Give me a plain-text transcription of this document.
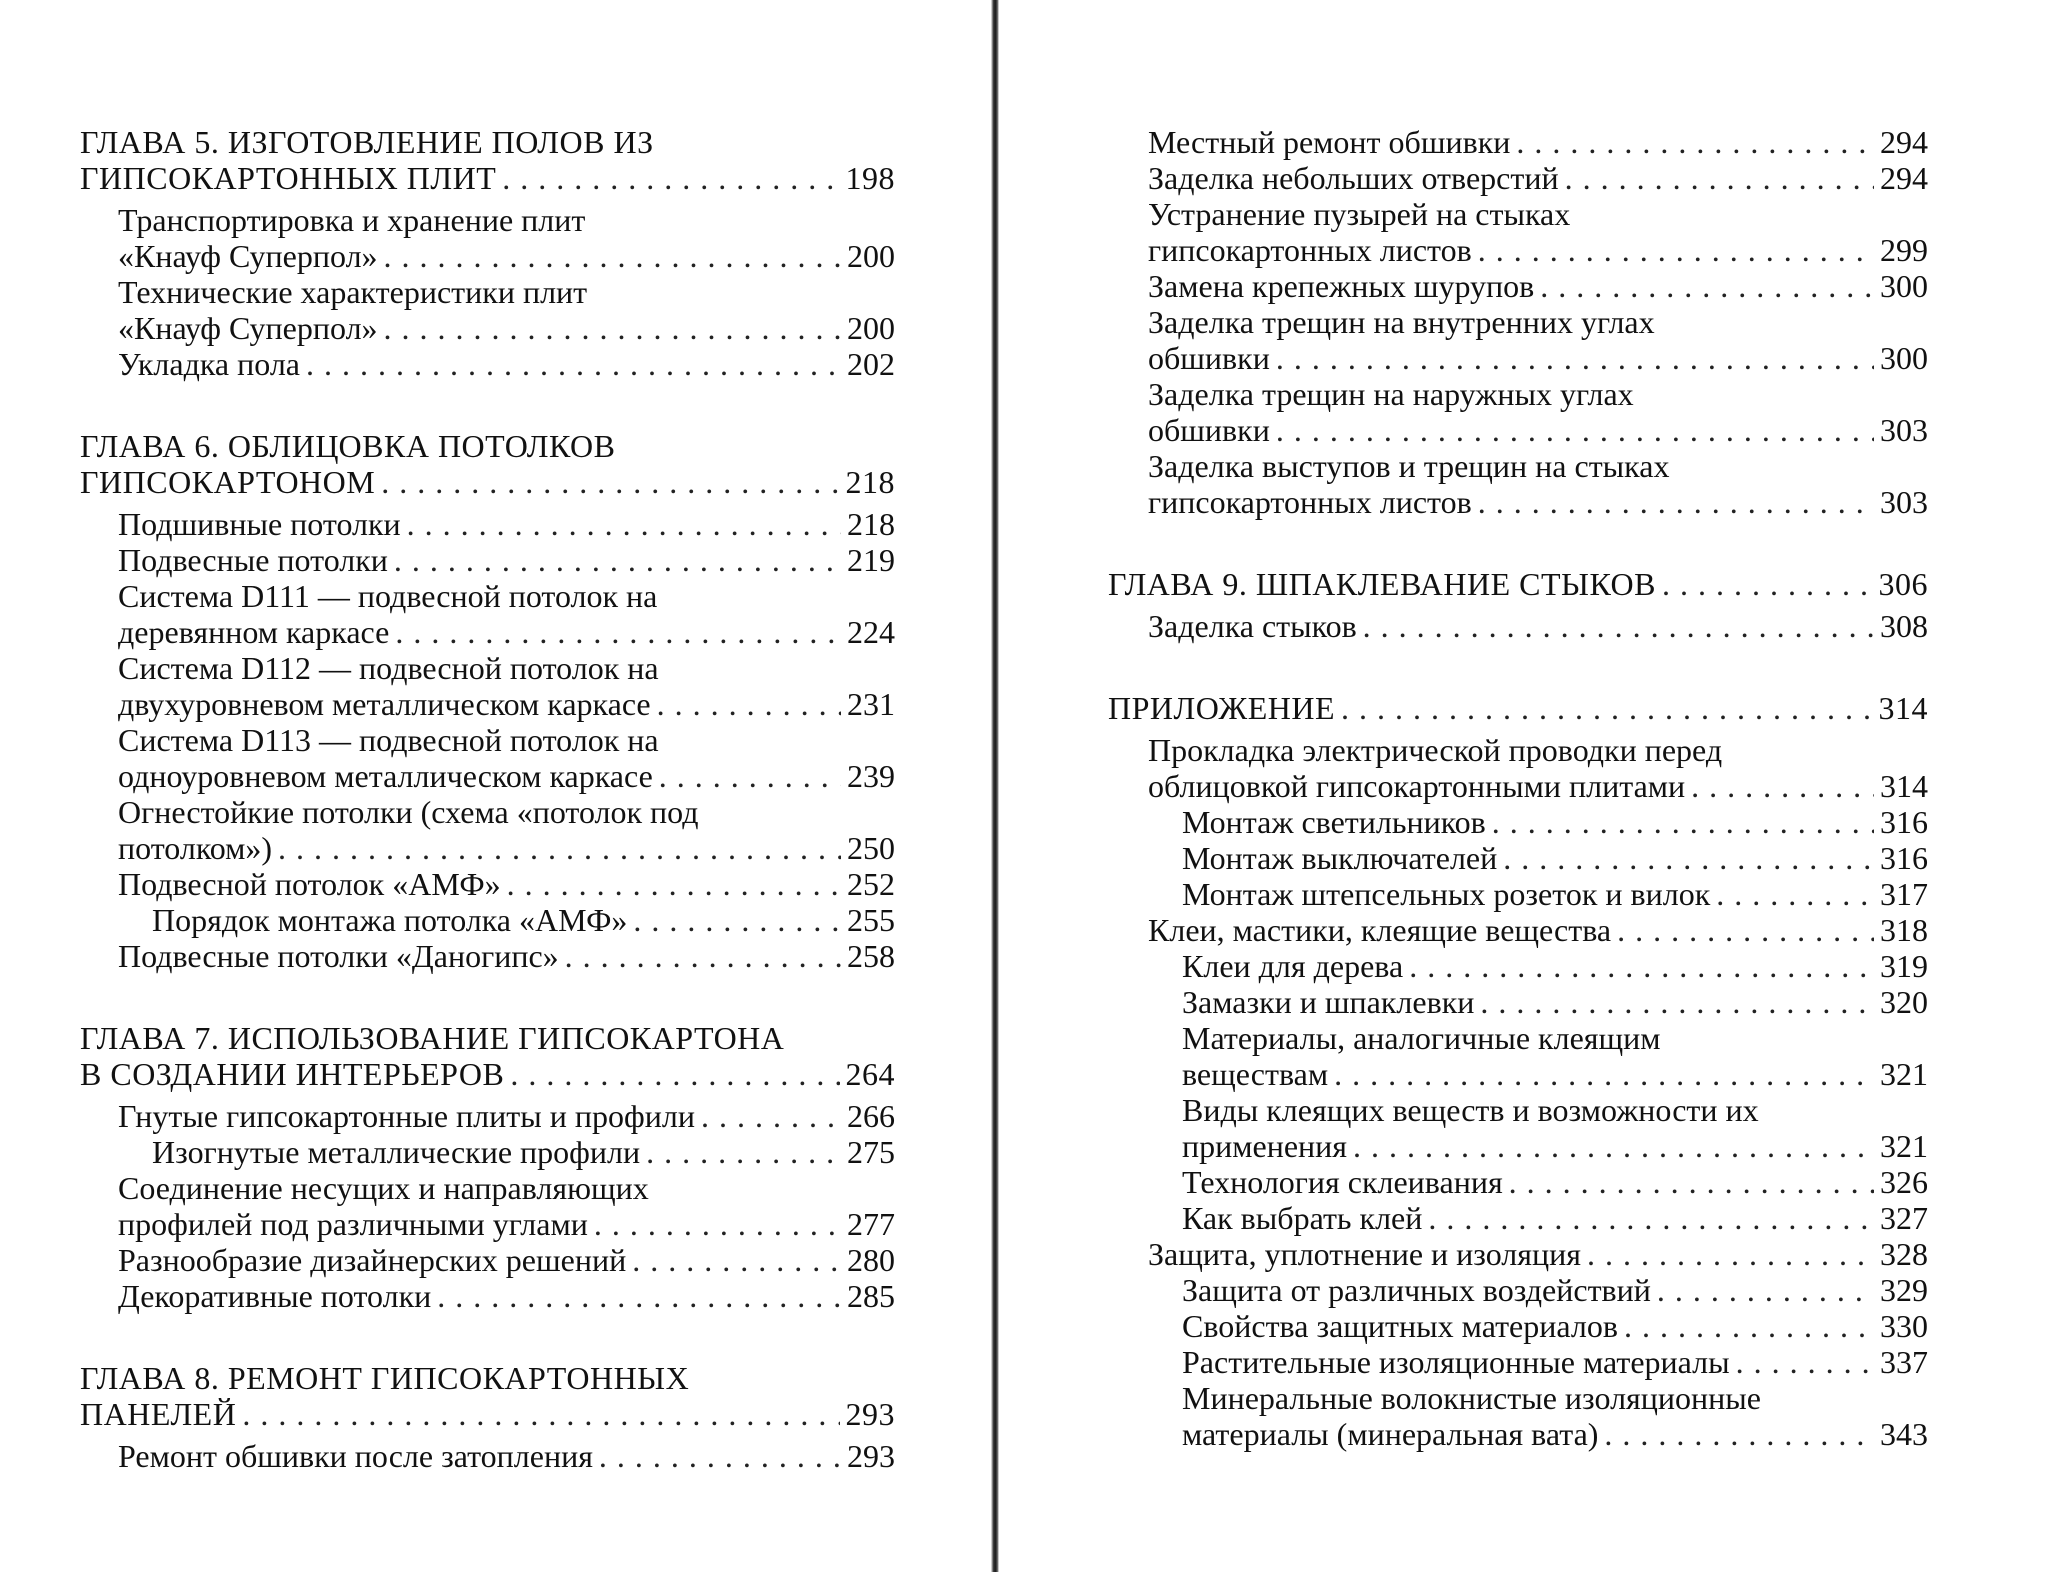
ГЛАВА 5. ИЗГОТОВЛЕНИЕ ПОЛОВ ИЗ
ГИПСОКАРТОННЫХ ПЛИТ . . .	198
Транспортировка и хранение плит
«Кнауф Суперпол» . . .	200
Технические характеристики плит
«Кнауф Суперпол» . . .	200
Укладка пола . . .	202
ГЛАВА 6. ОБЛИЦОВКА ПОТОЛКОВ
ГИПСОКАРТОНОМ . . .	218
Подшивные потолки . . .	218
Подвесные потолки . . .	219
Система D111 — подвесной потолок на
деревянном каркасе . . .	224
Система D112 — подвесной потолок на
двухуровневом металлическом каркасе . . .	231
Система D113 — подвесной потолок на
одноуровневом металлическом каркасе . . .	239
Огнестойкие потолки (схема «потолок под
потолком») . . .	250
Подвесной потолок «АМФ» . . .	252
Порядок монтажа потолка «АМФ» . . .	255
Подвесные потолки «Даногипс» . . .	258
ГЛАВА 7. ИСПОЛЬЗОВАНИЕ ГИПСОКАРТОНА
В СОЗДАНИИ ИНТЕРЬЕРОВ . . .	264
Гнутые гипсокартонные плиты и профили . . .	266
Изогнутые металлические профили . . .	275
Соединение несущих и направляющих
профилей под различными углами . . .	277
Разнообразие дизайнерских решений . . .	280
Декоративные потолки . . .	285
ГЛАВА 8. РЕМОНТ ГИПСОКАРТОННЫХ
ПАНЕЛЕЙ . . .	293
Ремонт обшивки после затопления . . .	293
Местный ремонт обшивки . . .	294
Заделка небольших отверстий . . .	294
Устранение пузырей на стыках
гипсокартонных листов . . .	299
Замена крепежных шурупов . . .	300
Заделка трещин на внутренних углах
обшивки . . .	300
Заделка трещин на наружных углах
обшивки . . .	303
Заделка выступов и трещин на стыках
гипсокартонных листов . . .	303
ГЛАВА 9. ШПАКЛЕВАНИЕ СТЫКОВ . . .	306
Заделка стыков . . .	308
ПРИЛОЖЕНИЕ . . .	314
Прокладка электрической проводки перед
облицовкой гипсокартонными плитами . . .	314
Монтаж светильников . . .	316
Монтаж выключателей . . .	316
Монтаж штепсельных розеток и вилок . . .	317
Клеи, мастики, клеящие вещества . . .	318
Клеи для дерева . . .	319
Замазки и шпаклевки . . .	320
Материалы, аналогичные клеящим
веществам . . .	321
Виды клеящих веществ и возможности их
применения . . .	321
Технология склеивания . . .	326
Как выбрать клей . . .	327
Защита, уплотнение и изоляция . . .	328
Защита от различных воздействий . . .	329
Свойства защитных материалов . . .	330
Растительные изоляционные материалы . . .	337
Минеральные волокнистые изоляционные
материалы (минеральная вата) . . .	343
